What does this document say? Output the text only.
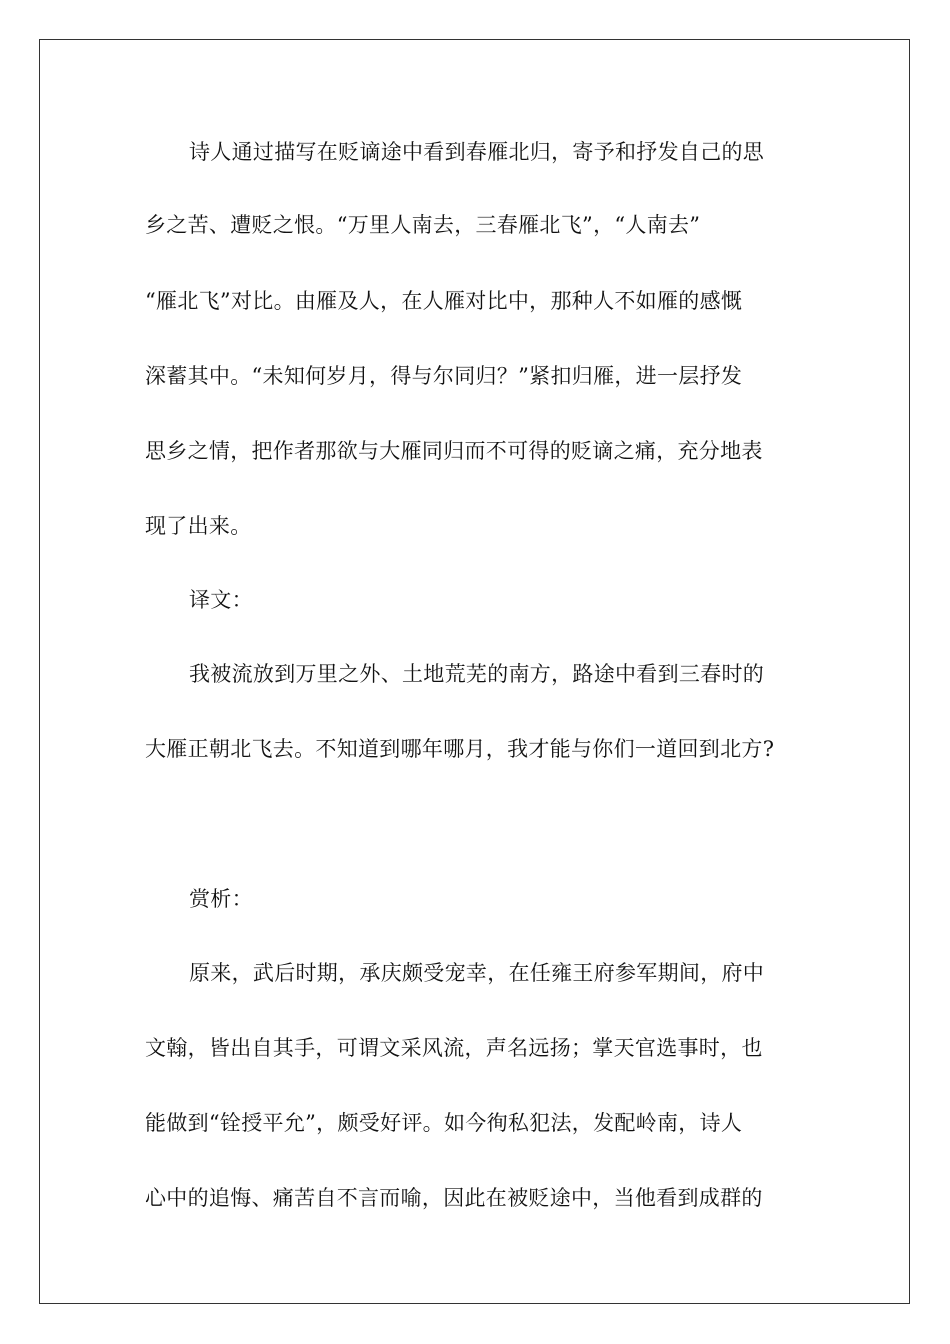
诗人通过描写在贬谪途中看到春雁北归，寄予和抒发自己的思
乡之苦、遭贬之恨。“万里人南去，三春雁北飞”，“人南去”
“雁北飞”对比。由雁及人，在人雁对比中，那种人不如雁的感慨
深蓄其中。“未知何岁月，得与尔同归？”紧扣归雁，进一层抒发
思乡之情，把作者那欲与大雁同归而不可得的贬谪之痛，充分地表
现了出来。
译文：
我被流放到万里之外、土地荒芜的南方，路途中看到三春时的
大雁正朝北飞去。不知道到哪年哪月，我才能与你们一道回到北方?
赏析：
原来，武后时期，承庆颇受宠幸，在任雍王府参军期间，府中
文翰，皆出自其手，可谓文采风流，声名远扬；掌天官选事时，也
能做到“铨授平允”，颇受好评。如今徇私犯法，发配岭南，诗人
心中的追悔、痛苦自不言而喻，因此在被贬途中，当他看到成群的
